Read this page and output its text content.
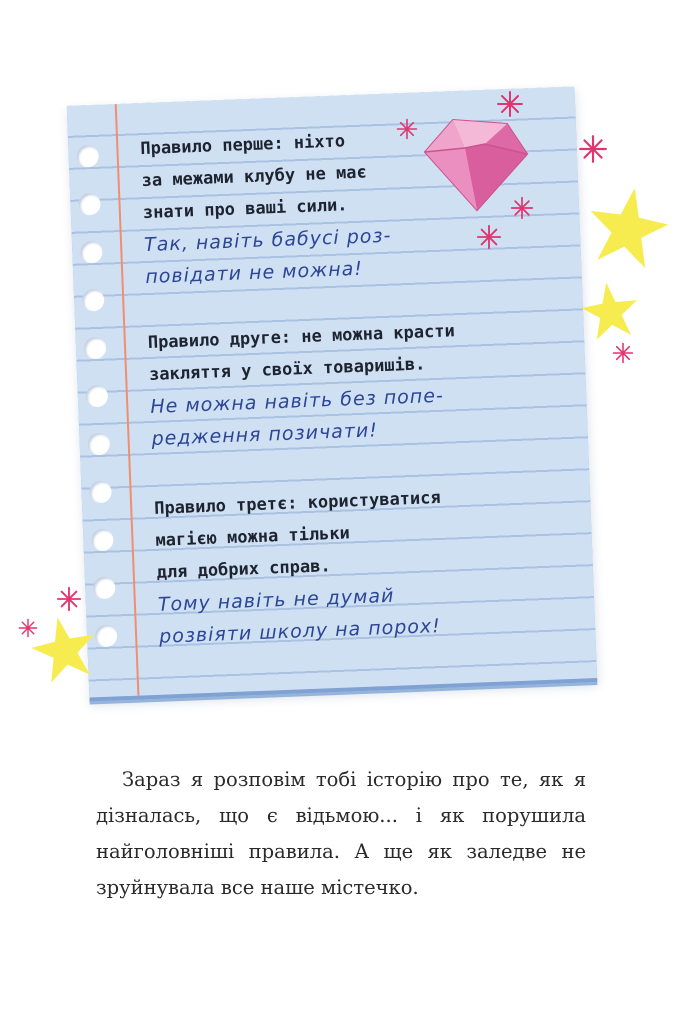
Правило перше: ніхто

за межами клубу не має

знати про ваші сили.

Так, навіть бабусі роз-

повідати не можна!

Правило друге: не можна красти

закляття у своїх товаришів.

Не можна навіть без попе-

редження позичати!

Правило третє: користуватися

магією можна тільки

для добрих справ.

Тому навіть не думай

розвіяти школу на порох!

Зараз я розповім тобі історію про те, як я дізналась, що є відьмою... і як порушила найголовніші правила. А ще як заледве не зруйнувала все наше містечко.
